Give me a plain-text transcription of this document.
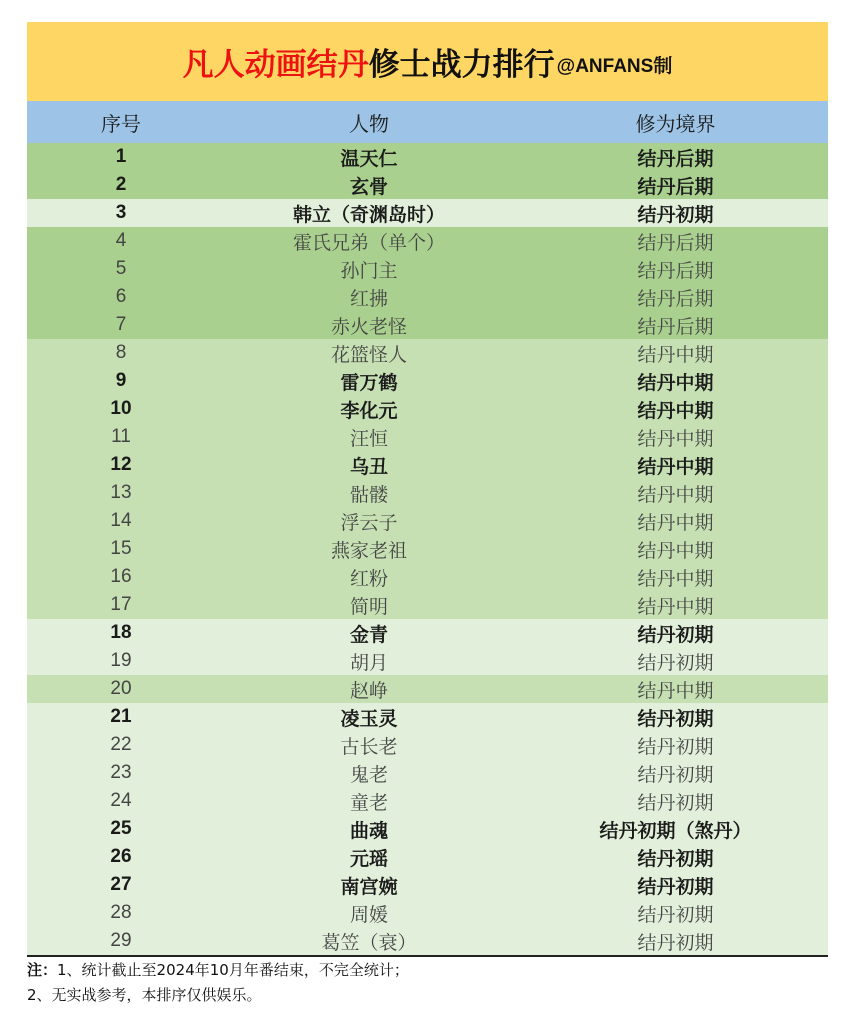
凡人动画结丹 修士战力排行 @ANFANS制
序号	人物	修为境界
1	温天仁	结丹后期
2	玄骨	结丹后期
3	韩立（奇渊岛时）	结丹初期
4	霍氏兄弟（单个）	结丹后期
5	孙门主	结丹后期
6	红拂	结丹后期
7	赤火老怪	结丹后期
8	花篮怪人	结丹中期
9	雷万鹤	结丹中期
10	李化元	结丹中期
11	汪恒	结丹中期
12	乌丑	结丹中期
13	骷髅	结丹中期
14	浮云子	结丹中期
15	燕家老祖	结丹中期
16	红粉	结丹中期
17	简明	结丹中期
18	金青	结丹初期
19	胡月	结丹初期
20	赵峥	结丹中期
21	凌玉灵	结丹初期
22	古长老	结丹初期
23	鬼老	结丹初期
24	童老	结丹初期
25	曲魂	结丹初期（煞丹）
26	元瑶	结丹初期
27	南宫婉	结丹初期
28	周媛	结丹初期
29	葛笠（衰）	结丹初期
注：1、统计截止至2024年10月年番结束，不完全统计；
2、无实战参考，本排序仅供娱乐。
